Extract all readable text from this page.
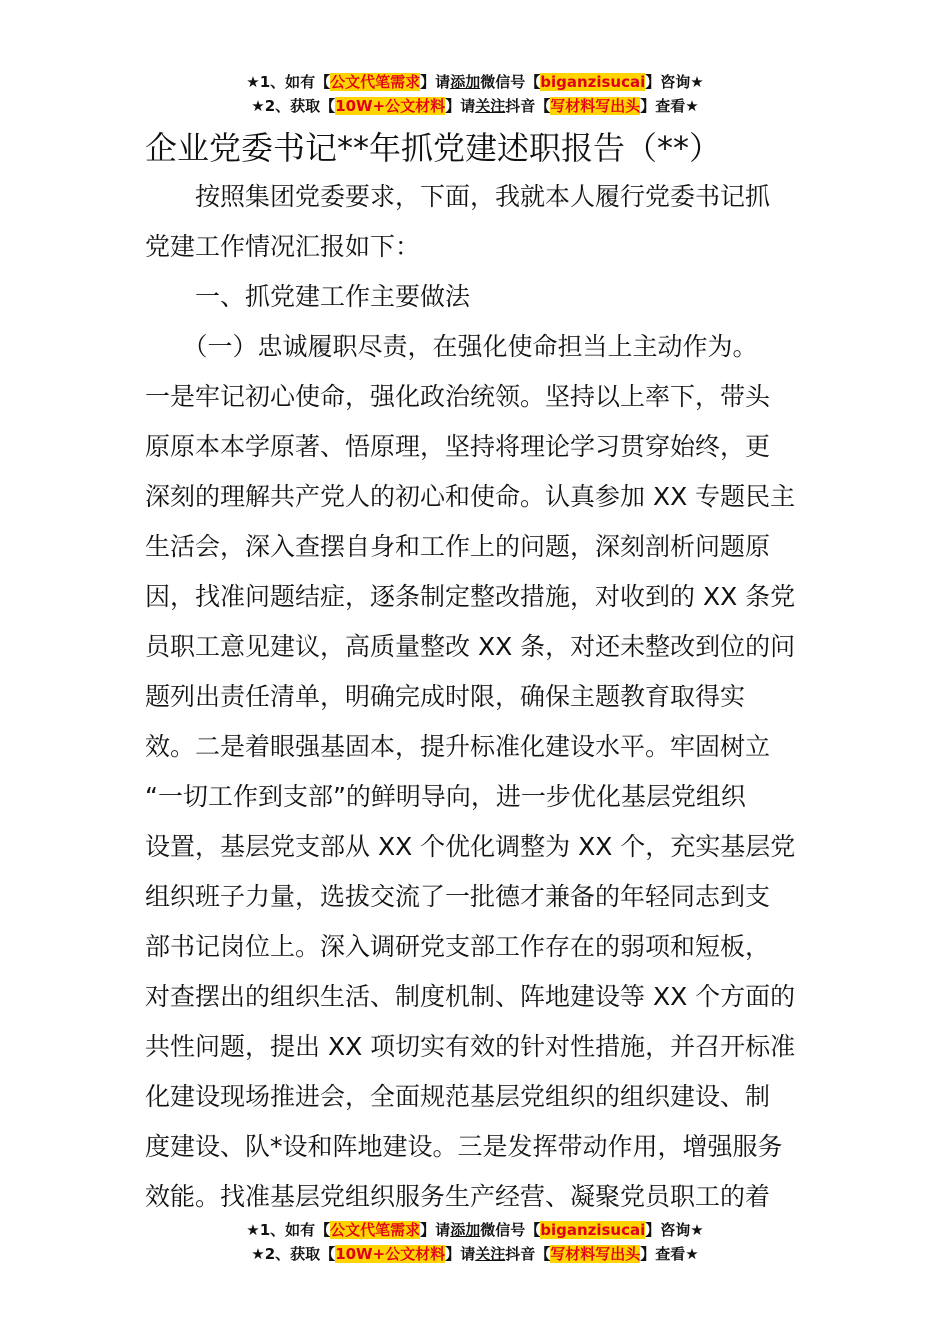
★1、如有【公文代笔需求】请添加微信号【biganzisucai】咨询★
★2、获取【10W+公文材料】请关注抖音【写材料写出头】查看★
企业党委书记**年抓党建述职报告（**）
　　按照集团党委要求，下面，我就本人履行党委书记抓
党建工作情况汇报如下：
　　一、抓党建工作主要做法
　　（一）忠诚履职尽责，在强化使命担当上主动作为。
一是牢记初心使命，强化政治统领。坚持以上率下，带头
原原本本学原著、悟原理，坚持将理论学习贯穿始终，更
深刻的理解共产党人的初心和使命。认真参加 XX 专题民主
生活会，深入查摆自身和工作上的问题，深刻剖析问题原
因，找准问题结症，逐条制定整改措施，对收到的 XX 条党
员职工意见建议，高质量整改 XX 条，对还未整改到位的问
题列出责任清单，明确完成时限，确保主题教育取得实
效。二是着眼强基固本，提升标准化建设水平。牢固树立
“一切工作到支部”的鲜明导向，进一步优化基层党组织
设置，基层党支部从 XX 个优化调整为 XX 个，充实基层党
组织班子力量，选拔交流了一批德才兼备的年轻同志到支
部书记岗位上。深入调研党支部工作存在的弱项和短板，
对查摆出的组织生活、制度机制、阵地建设等 XX 个方面的
共性问题，提出 XX 项切实有效的针对性措施，并召开标准
化建设现场推进会，全面规范基层党组织的组织建设、制
度建设、队*设和阵地建设。三是发挥带动作用，增强服务
效能。找准基层党组织服务生产经营、凝聚党员职工的着
★1、如有【公文代笔需求】请添加微信号【biganzisucai】咨询★
★2、获取【10W+公文材料】请关注抖音【写材料写出头】查看★
